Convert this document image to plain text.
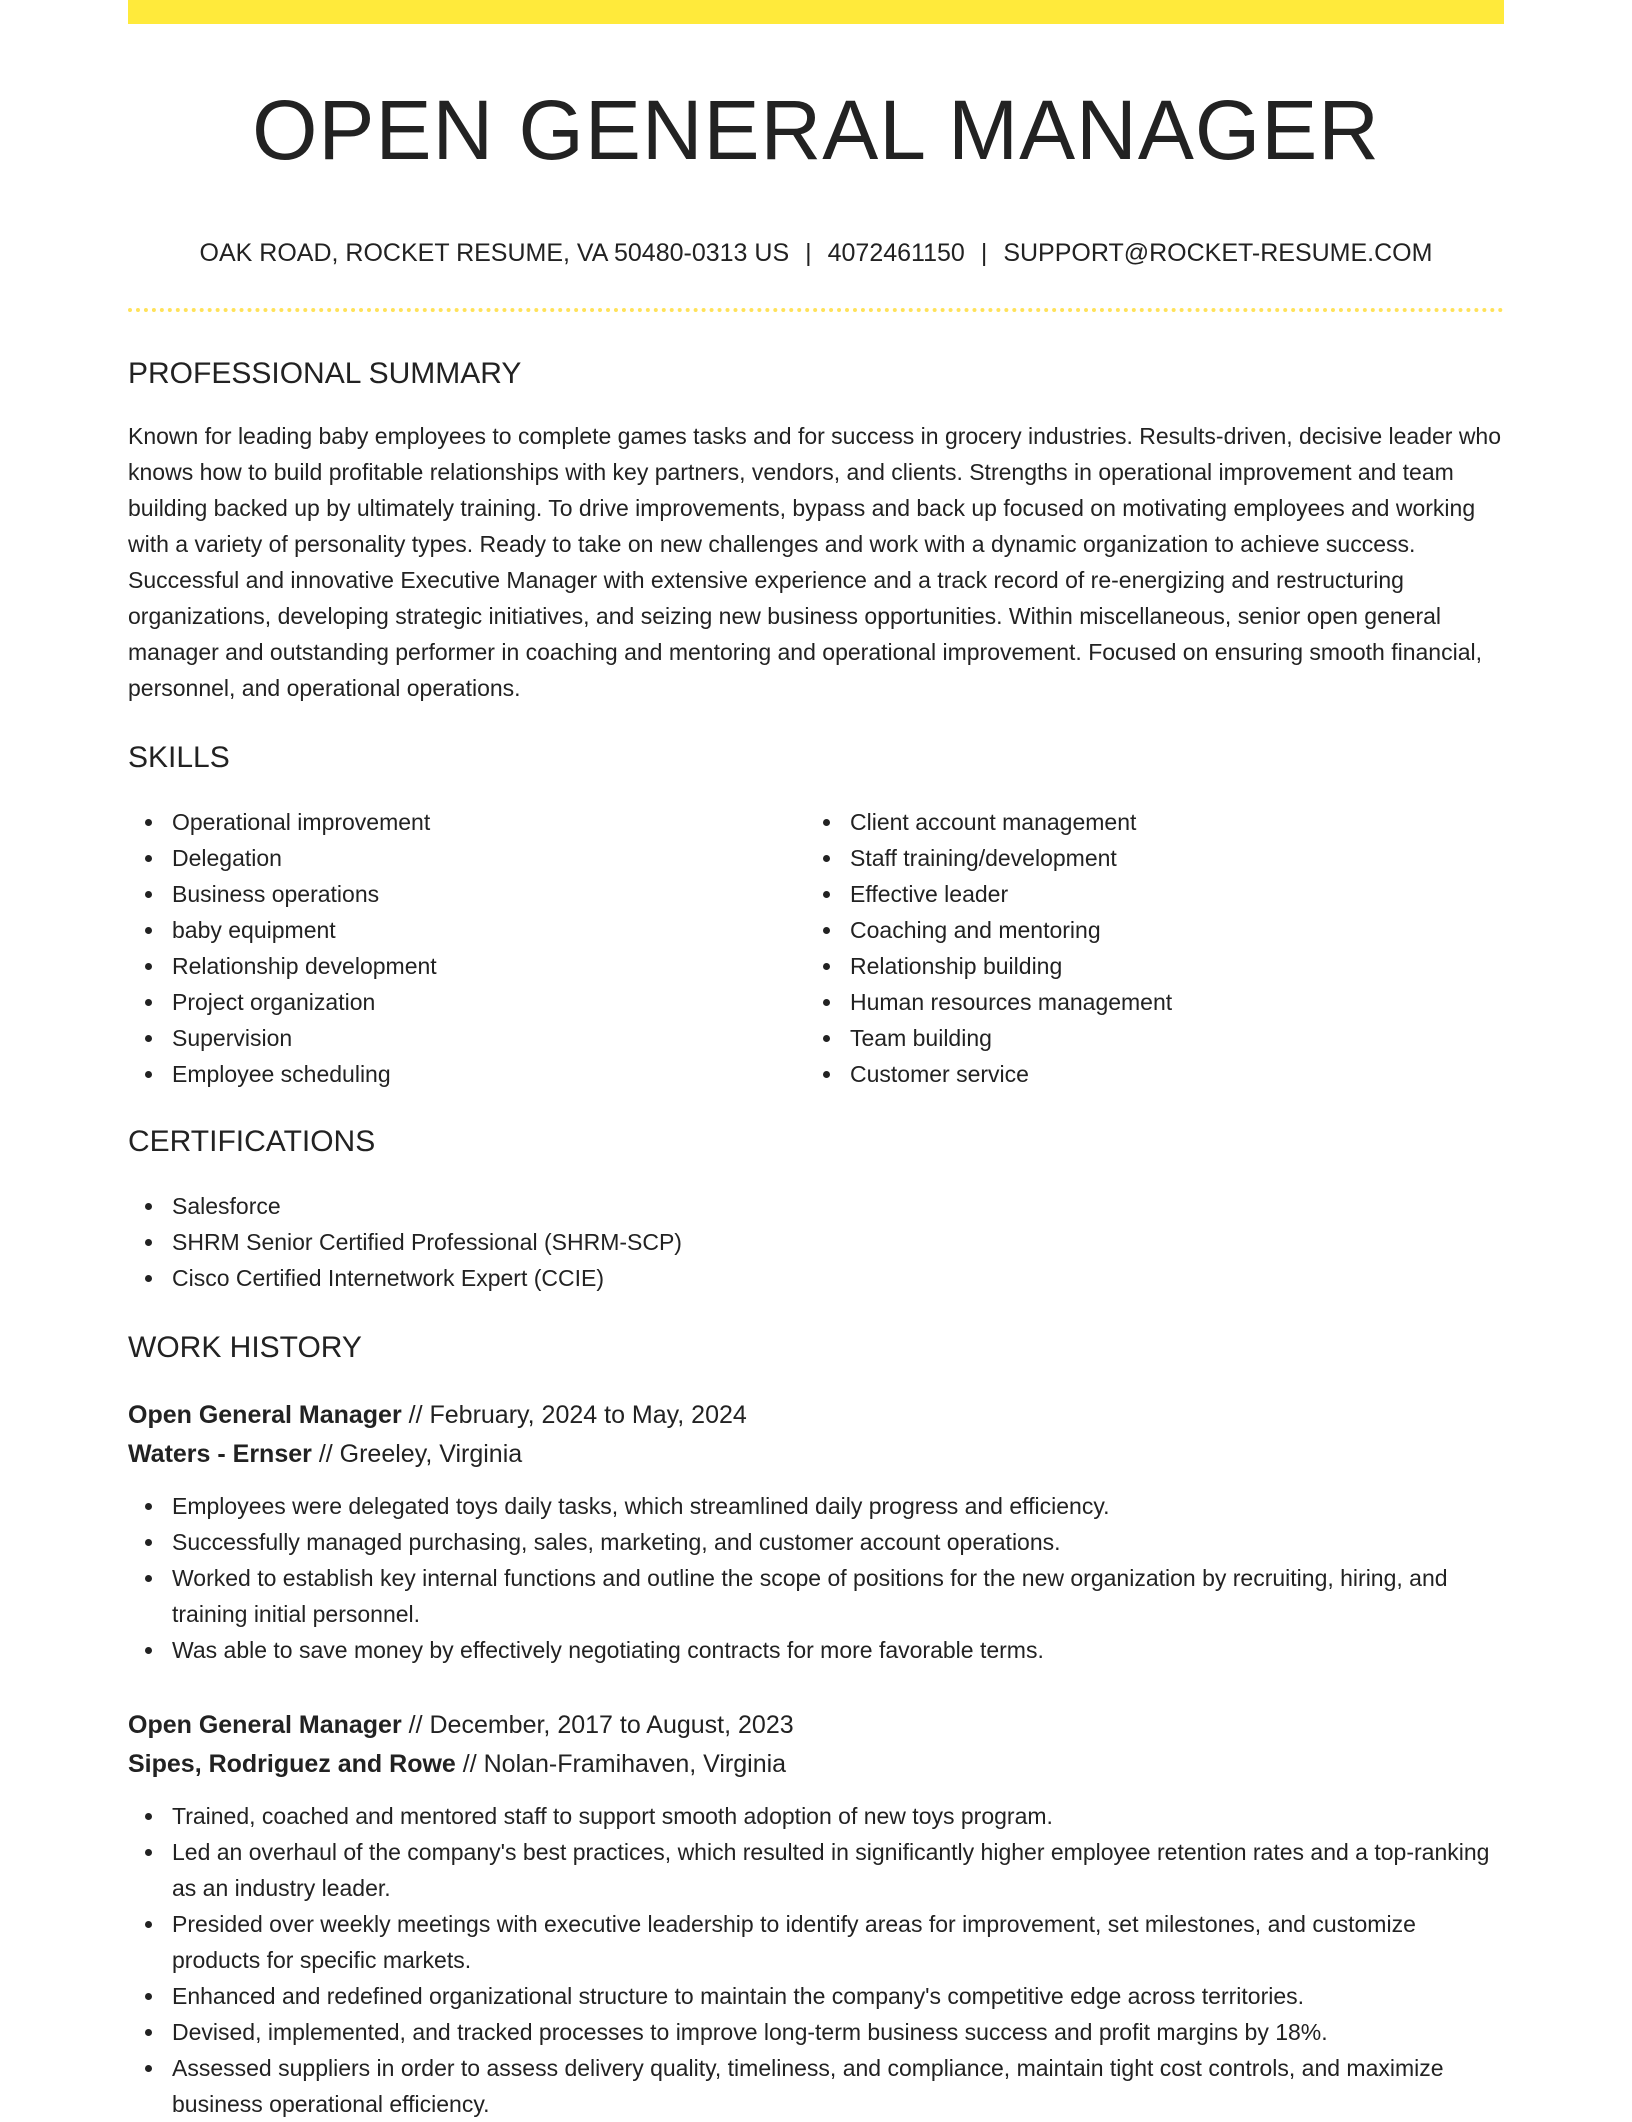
OPEN GENERAL MANAGER
OAK ROAD, ROCKET RESUME, VA 50480-0313 US | 4072461150 | SUPPORT@ROCKET-RESUME.COM
PROFESSIONAL SUMMARY

Known for leading baby employees to complete games tasks and for success in grocery industries. Results-driven, decisive leader who knows how to build profitable relationships with key partners, vendors, and clients. Strengths in operational improvement and team building backed up by ultimately training. To drive improvements, bypass and back up focused on motivating employees and working with a variety of personality types. Ready to take on new challenges and work with a dynamic organization to achieve success. Successful and innovative Executive Manager with extensive experience and a track record of re-energizing and restructuring organizations, developing strategic initiatives, and seizing new business opportunities. Within miscellaneous, senior open general manager and outstanding performer in coaching and mentoring and operational improvement. Focused on ensuring smooth financial, personnel, and operational operations.

SKILLS
Operational improvement
Delegation
Business operations
baby equipment
Relationship development
Project organization
Supervision
Employee scheduling
Client account management
Staff training/development
Effective leader
Coaching and mentoring
Relationship building
Human resources management
Team building
Customer service
CERTIFICATIONS
Salesforce
SHRM Senior Certified Professional (SHRM-SCP)
Cisco Certified Internetwork Expert (CCIE)
WORK HISTORY
Open General Manager // February, 2024 to May, 2024
Waters - Ernser // Greeley, Virginia
Employees were delegated toys daily tasks, which streamlined daily progress and efficiency.
Successfully managed purchasing, sales, marketing, and customer account operations.
Worked to establish key internal functions and outline the scope of positions for the new organization by recruiting, hiring, and training initial personnel.
Was able to save money by effectively negotiating contracts for more favorable terms.
Open General Manager // December, 2017 to August, 2023
Sipes, Rodriguez and Rowe // Nolan-Framihaven, Virginia
Trained, coached and mentored staff to support smooth adoption of new toys program.
Led an overhaul of the company's best practices, which resulted in significantly higher employee retention rates and a top-ranking as an industry leader.
Presided over weekly meetings with executive leadership to identify areas for improvement, set milestones, and customize products for specific markets.
Enhanced and redefined organizational structure to maintain the company's competitive edge across territories.
Devised, implemented, and tracked processes to improve long-term business success and profit margins by 18%.
Assessed suppliers in order to assess delivery quality, timeliness, and compliance, maintain tight cost controls, and maximize business operational efficiency.
